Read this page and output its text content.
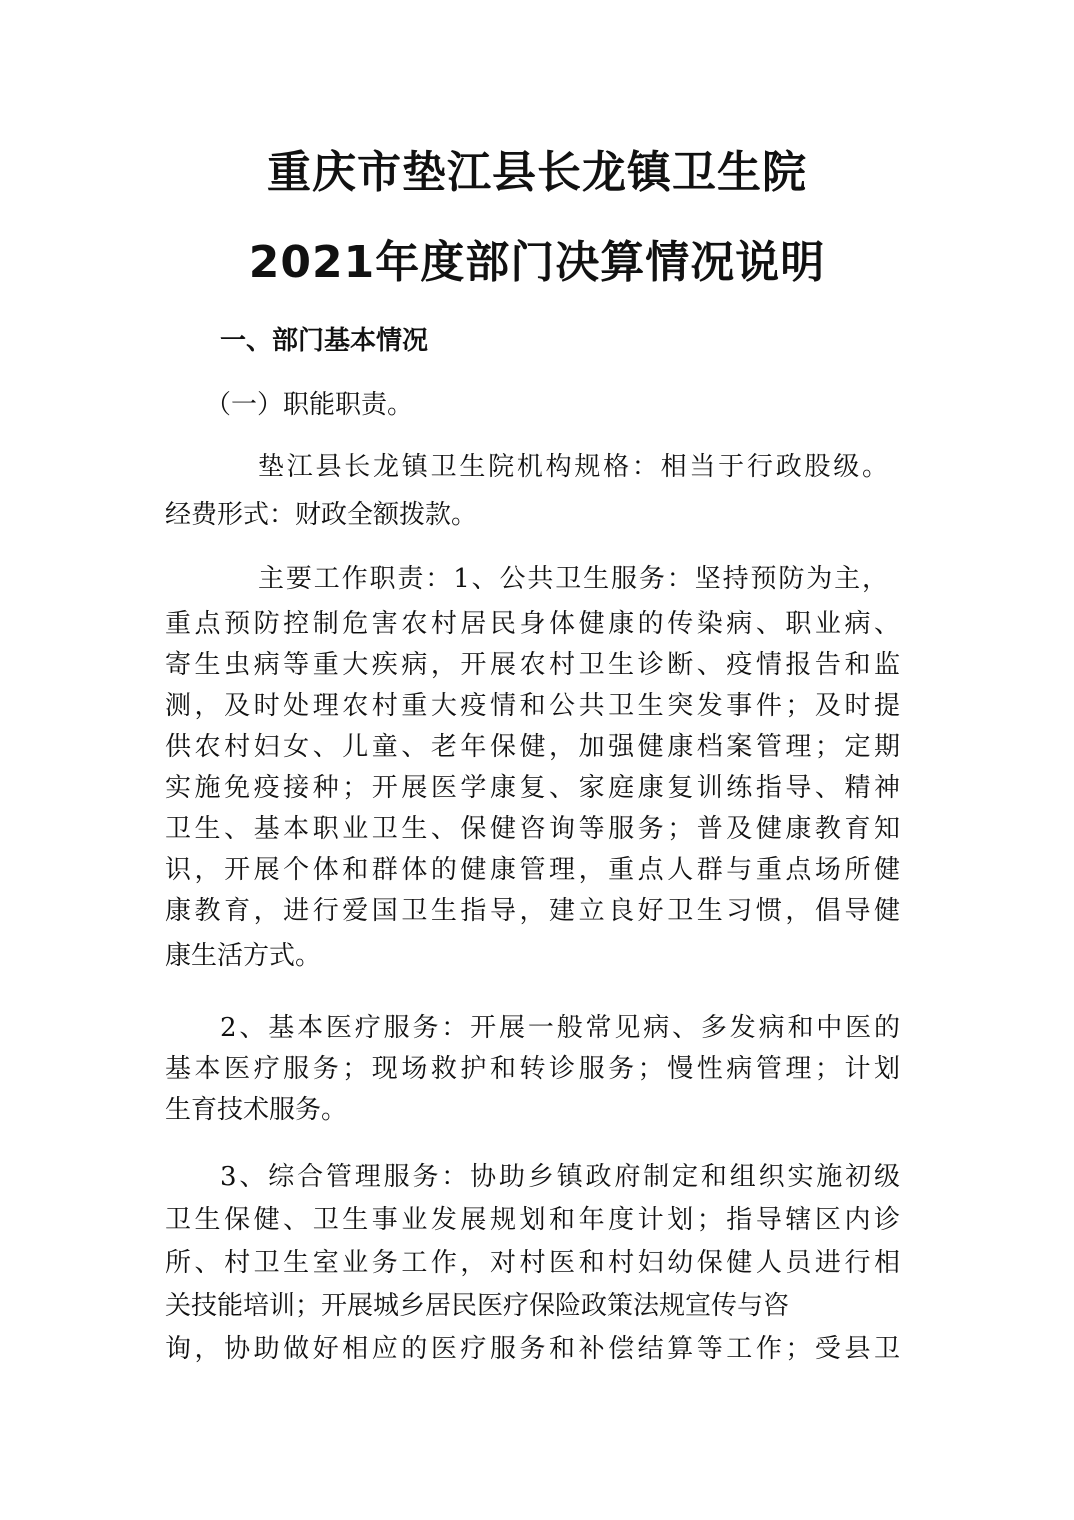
重庆市垫江县长龙镇卫生院
2021年度部门决算情况说明
一、部门基本情况
（一）职能职责。
垫江县长龙镇卫生院机构规格：相当于行政股级。
经费形式：财政全额拨款。
主要工作职责：1、公共卫生服务：坚持预防为主，
重点预防控制危害农村居民身体健康的传染病、职业病、
寄生虫病等重大疾病，开展农村卫生诊断、疫情报告和监
测，及时处理农村重大疫情和公共卫生突发事件；及时提
供农村妇女、儿童、老年保健，加强健康档案管理；定期
实施免疫接种；开展医学康复、家庭康复训练指导、精神
卫生、基本职业卫生、保健咨询等服务；普及健康教育知
识，开展个体和群体的健康管理，重点人群与重点场所健
康教育，进行爱国卫生指导，建立良好卫生习惯，倡导健
康生活方式。
2、基本医疗服务：开展一般常见病、多发病和中医的
基本医疗服务；现场救护和转诊服务；慢性病管理；计划
生育技术服务。
3、综合管理服务：协助乡镇政府制定和组织实施初级
卫生保健、卫生事业发展规划和年度计划；指导辖区内诊
所、村卫生室业务工作，对村医和村妇幼保健人员进行相
关技能培训；开展城乡居民医疗保险政策法规宣传与咨
询，协助做好相应的医疗服务和补偿结算等工作；受县卫
